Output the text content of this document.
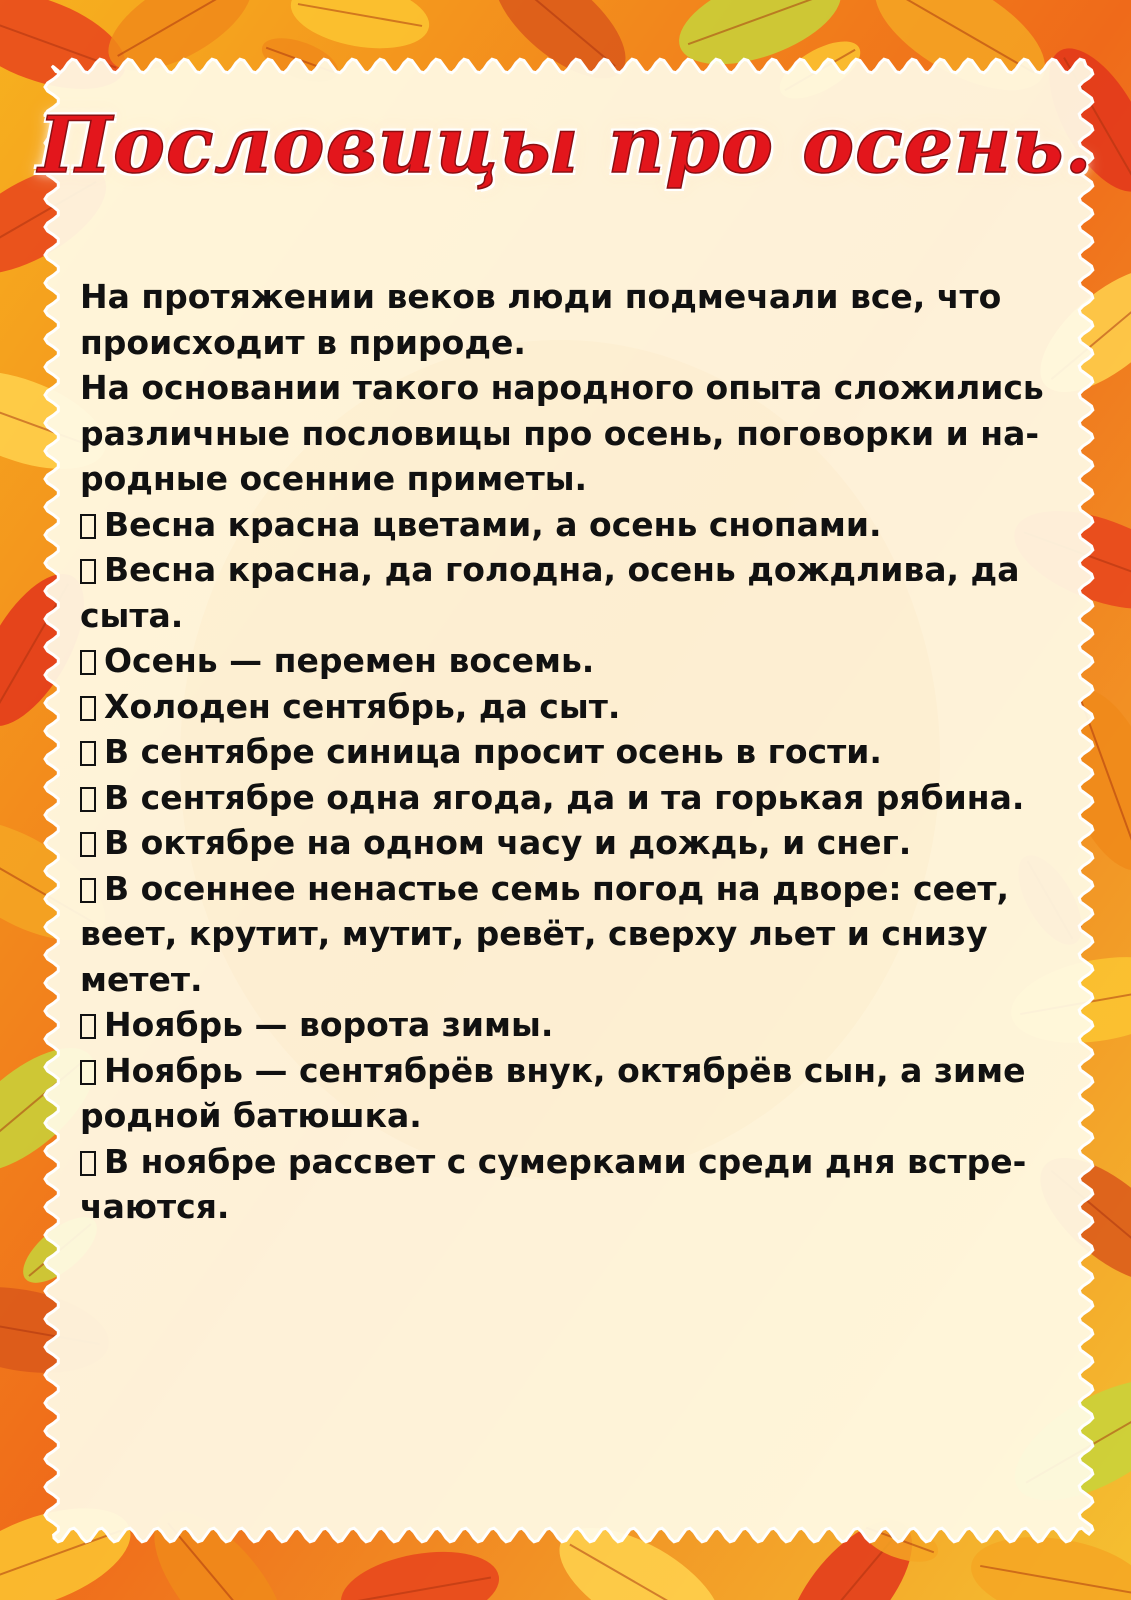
Пословицы про осень.

На протяжении веков люди подмечали все, что

происходит в природе.

На основании такого народного опыта сложились

различные пословицы про осень, поговорки и на-

родные осенние приметы.

Весна красна цветами, а осень снопами.

Весна красна, да голодна, осень дождлива, да

сыта.

Осень — перемен восемь.

Холоден сентябрь, да сыт.

В сентябре синица просит осень в гости.

В сентябре одна ягода, да и та горькая рябина.

В октябре на одном часу и дождь, и снег.

В осеннее ненастье семь погод на дворе: сеет,

веет, крутит, мутит, ревёт, сверху льет и снизу

метет.

Ноябрь — ворота зимы.

Ноябрь — сентябрёв внук, октябрёв сын, а зиме

родной батюшка.

В ноябре рассвет с сумерками среди дня встре-

чаются.
